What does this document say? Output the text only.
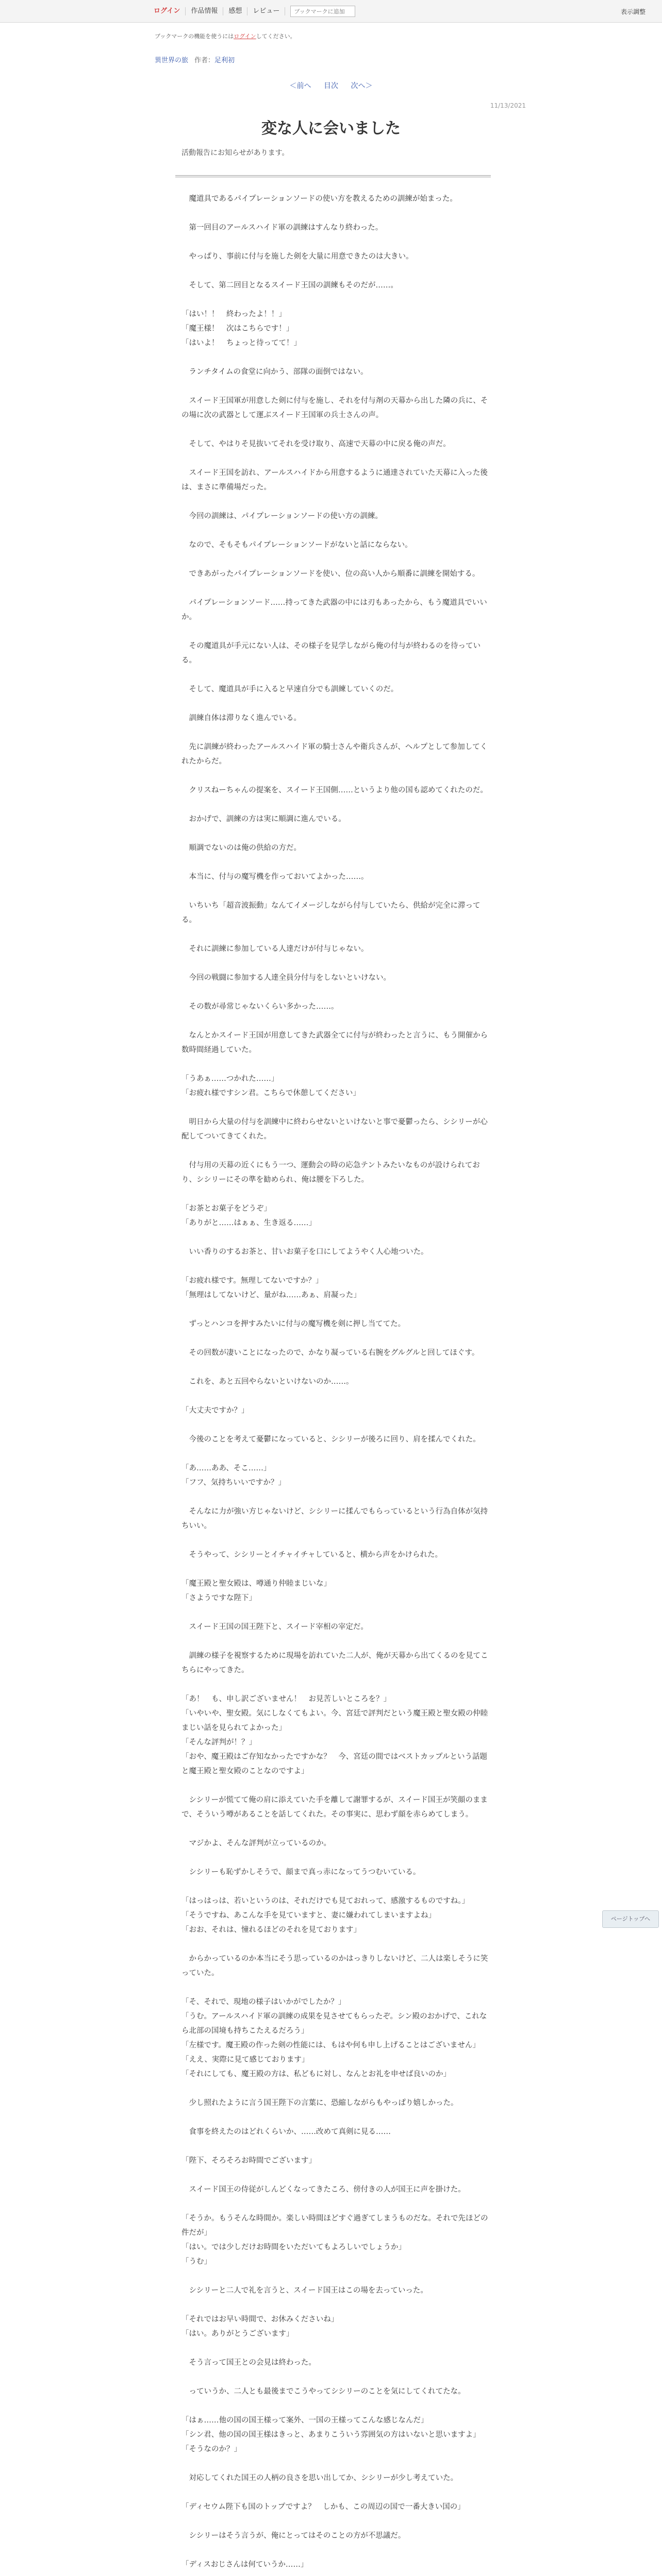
ログイン	作品情報	感想	レビュー
ブックマークに追加	表示調整
ブックマークの機能を使うにはログインしてください。
異世界の旅 作者：足利初
＜前へ 目次 次へ＞
11/13/2021
変な人に会いました
活動報告にお知らせがあります。

　魔道具であるパイプレーションソードの使い方を教えるための訓練が始まった。

　第一回目のアールスハイド軍の訓練はすんなり終わった。

　やっぱり、事前に付与を施した剣を大量に用意できたのは大きい。

　そして、第二回目となるスイード王国の訓練もそのだが……。

「はい！！　終わったよ！！」
「魔王様！　次はこちらです！」
「はいよ！　ちょっと待ってて！」

　ランチタイムの食堂に向かう、部隊の面倒ではない。

　スイード王国軍が用意した剣に付与を施し、それを付与剤の天幕から出した隣の兵に、その場に次の武器として運ぶスイード王国軍の兵士さんの声。

　そして、やはりそ見抜いてそれを受け取り、高速で天幕の中に戻る俺の声だ。

　スイード王国を訪れ、アールスハイドから用意するように通達されていた天幕に入った後は、まさに準備場だった。

　今回の訓練は、パイプレーションソードの使い方の訓練。

　なので、そもそもパイプレーションソードがないと話にならない。

　できあがったパイプレーションソードを使い、位の高い人から順番に訓練を開始する。

　パイプレーションソード……持ってきた武器の中には刃もあったから、もう魔道具でいいか。

　その魔道具が手元にない人は、その様子を見学しながら俺の付与が終わるのを待っている。

　そして、魔道具が手に入ると早速自分でも訓練していくのだ。

　訓練自体は滞りなく進んでいる。

　先に訓練が終わったアールスハイド軍の騎士さんや衛兵さんが、ヘルプとして参加してくれたからだ。

　クリスねーちゃんの提案を、スイード王国側……というより他の国も認めてくれたのだ。

　おかげで、訓練の方は実に順調に進んでいる。

　順調でないのは俺の供給の方だ。

　本当に、付与の魔写機を作っておいてよかった……。

　いちいち「超音波振動」なんてイメージしながら付与していたら、供給が完全に滞ってる。

　それに訓練に参加している人達だけが付与じゃない。

　今回の戦闘に参加する人達全員分付与をしないといけない。

　その数が尋常じゃないくらい多かった……。

　なんとかスイード王国が用意してきた武器全てに付与が終わったと言うに、もう開催から数時間経過していた。

「うあぁ……つかれた……」
「お疲れ様ですシン君。こちらで休憩してください」

　明日から大量の付与を訓練中に終わらせないといけないと事で憂鬱ったら、シシリーが心配してついてきてくれた。

　付与用の天幕の近くにもう一つ、運動会の時の応急テントみたいなものが設けられており、シシリーにその準を勧められ、俺は腰を下ろした。

「お茶とお菓子をどうぞ」
「ありがと……はぁぁ、生き返る……」

　いい香りのするお茶と、甘いお菓子を口にしてようやく人心地ついた。

「お疲れ様です。無理してないですか？」
「無理はしてないけど、量がね……あぁ、肩凝った」

　ずっとハンコを押すみたいに付与の魔写機を剣に押し当ててた。

　その回数が凄いことになったので、かなり凝っている右腕をグルグルと回してほぐす。

　これを、あと五回やらないといけないのか……。

「大丈夫ですか？」

　今後のことを考えて憂鬱になっていると、シシリーが後ろに回り、肩を揉んでくれた。

「あ……ああ、そこ……」
「フフ、気持ちいいですか？」

　そんなに力が強い方じゃないけど、シシリーに揉んでもらっているという行為自体が気持ちいい。

　そうやって、シシリーとイチャイチャしていると、横から声をかけられた。

「魔王殿と聖女殿は、噂通り仲睦まじいな」
「さようですな陛下」

　スイード王国の国王陛下と、スイード宰相の宰定だ。

　訓練の様子を視察するために現場を訪れていた二人が、俺が天幕から出てくるのを見てこちらにやってきた。

「あ！　も、申し訳ございません！　お見苦しいところを？」
「いやいや、聖女殿。気にしなくてもよい。今、宮廷で評判だという魔王殿と聖女殿の仲睦まじい話を見られてよかった」
「そんな評判が！？」
「おや、魔王殿はご存知なかったですかな？　今、宮廷の間ではベストカップルという話題と魔王殿と聖女殿のことなのですよ」

　シシリーが慌てて俺の肩に添えていた手を離して謝罪するが、スイード国王が笑顔のままで、そういう噂があることを話してくれた。その事実に、思わず顔を赤らめてしまう。

　マジかよ、そんな評判が立っているのか。

　シシリーも恥ずかしそうで、顔まで真っ赤になってうつむいている。

「はっはっは、若いというのは、それだけでも見ておれって、感激するものですね。」
「そうですね、あこんな手を見ていますと、妻に嫌われてしまいますよね」
「おお、それは、憧れるほどのそれを見ております」

　からかっているのか本当にそう思っているのかはっきりしないけど、二人は楽しそうに笑っていた。

「そ、それで、現地の様子はいかがでしたか？」
「うむ。アールスハイド軍の訓練の成果を見させてもらったぞ。シン殿のおかげで、これなら北部の国境も持ちこたえるだろう」
「左様です。魔王殿の作った剣の性能には、もはや何も申し上げることはございません」
「ええ、実際に見て感じております」
「それにしても、魔王殿の方は、私どもに対し、なんとお礼を申せば良いのか」

　少し照れたように言う国王陛下の言葉に、恐縮しながらもやっぱり嬉しかった。

　食事を終えたのはどれくらいか、……改めて真剣に見る……

「陛下、そろそろお時間でございます」

　スイード国王の侍従がしんどくなってきたころ、傍付きの人が国王に声を掛けた。

「そうか。もうそんな時間か。楽しい時間ほどすぐ過ぎてしまうものだな。それで先ほどの件だが」
「はい。では少しだけお時間をいただいてもよろしいでしょうか」
「うむ」

　シシリーと二人で礼を言うと、スイード国王はこの場を去っていった。

「それではお早い時間で、お休みくださいね」
「はい。ありがとうございます」

　そう言って国王との会見は終わった。

　っていうか、二人とも最後までこうやってシシリーのことを気にしてくれてたな。

「はぁ……他の国の国王様って案外、一国の王様ってこんな感じなんだ」
「シン君、他の国の国王様はきっと、あまりこういう雰囲気の方はいないと思いますよ」
「そうなのか？」

　対応してくれた国王の人柄の良さを思い出してか、シシリーが少し考えていた。

「ディセウム陛下も国のトップですよ？　しかも、この周辺の国で一番大きい国の」

　シシリーはそう言うが、俺にとってはそのことの方が不思議だ。

「ディスおじさんは何ていうか……」

ページトップへ
